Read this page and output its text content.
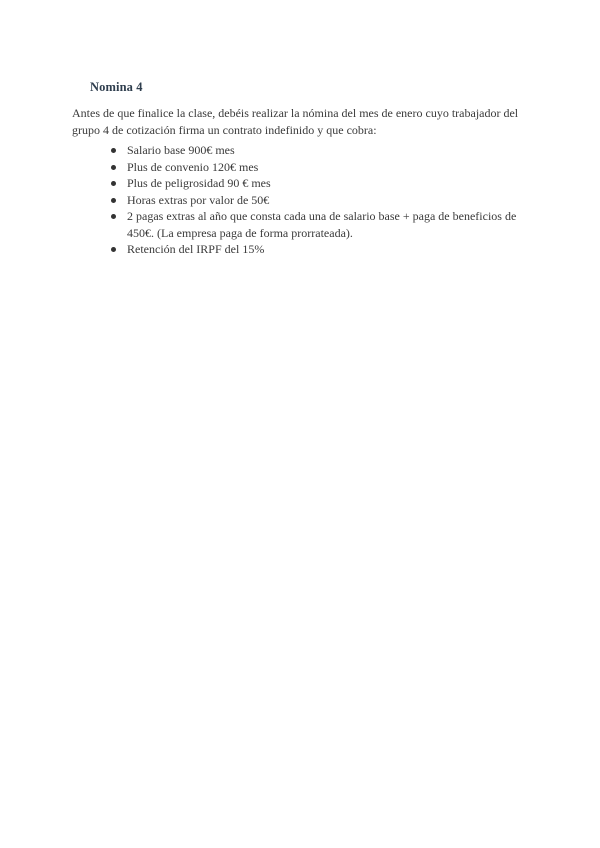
Nomina 4

Antes de que finalice la clase, debéis realizar la nómina del mes de enero cuyo trabajador del grupo 4 de cotización firma un contrato indefinido y que cobra:

Salario base 900€ mes
Plus de convenio 120€ mes
Plus de peligrosidad 90 € mes
Horas extras por valor de 50€
2 pagas extras al año que consta cada una de salario base + paga de beneficios de 450€. (La empresa paga de forma prorrateada).
Retención del IRPF del 15%
